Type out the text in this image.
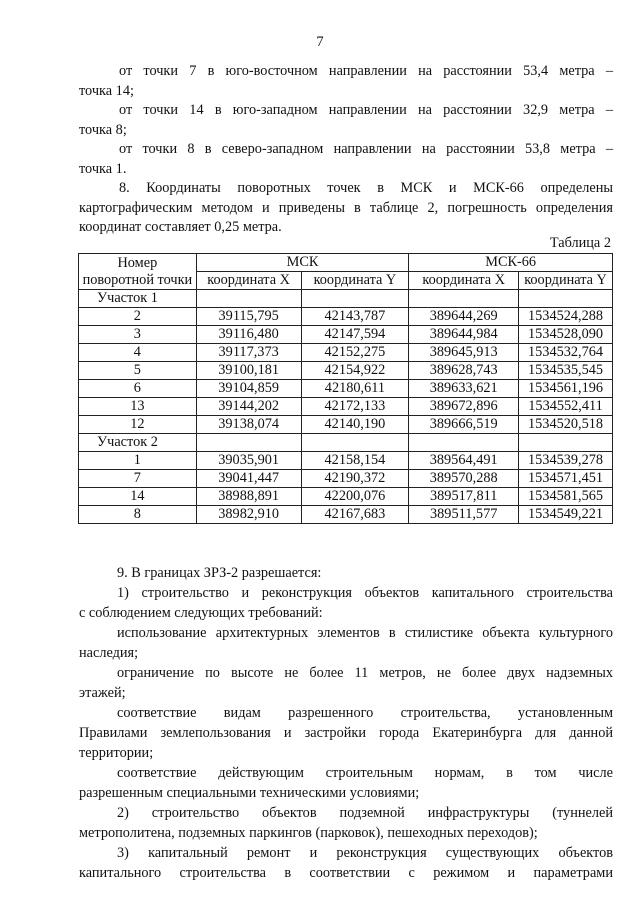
7

от точки 7 в юго-восточном направлении на расстоянии 53,4 метра –

точка 14;

от точки 14 в юго-западном направлении на расстоянии 32,9 метра –

точка 8;

от точки 8 в северо-западном направлении на расстоянии 53,8 метра –

точка 1.

8. Координаты поворотных точек в МСК и МСК-66 определены

картографическим методом и приведены в таблице 2, погрешность определения

координат составляет 0,25 метра.

Таблица 2
Номер поворотной точки	МСК		МСК-66	
	координата X	координата Y	координата X	координата Y
Участок 1				
2	39115,795	42143,787	389644,269	1534524,288
3	39116,480	42147,594	389644,984	1534528,090
4	39117,373	42152,275	389645,913	1534532,764
5	39100,181	42154,922	389628,743	1534535,545
6	39104,859	42180,611	389633,621	1534561,196
13	39144,202	42172,133	389672,896	1534552,411
12	39138,074	42140,190	389666,519	1534520,518
Участок 2				
1	39035,901	42158,154	389564,491	1534539,278
7	39041,447	42190,372	389570,288	1534571,451
14	38988,891	42200,076	389517,811	1534581,565
8	38982,910	42167,683	389511,577	1534549,221

9. В границах ЗРЗ-2 разрешается:

1) строительство и реконструкция объектов капитального строительства

с соблюдением следующих требований:

использование архитектурных элементов в стилистике объекта культурного

наследия;

ограничение по высоте не более 11 метров, не более двух надземных

этажей;

соответствие видам разрешенного строительства, установленным

Правилами землепользования и застройки города Екатеринбурга для данной

территории;

соответствие действующим строительным нормам, в том числе

разрешенным специальными техническими условиями;

2) строительство объектов подземной инфраструктуры (туннелей

метрополитена, подземных паркингов (парковок), пешеходных переходов);

3) капитальный ремонт и реконструкция существующих объектов

капитального строительства в соответствии с режимом и параметрами
